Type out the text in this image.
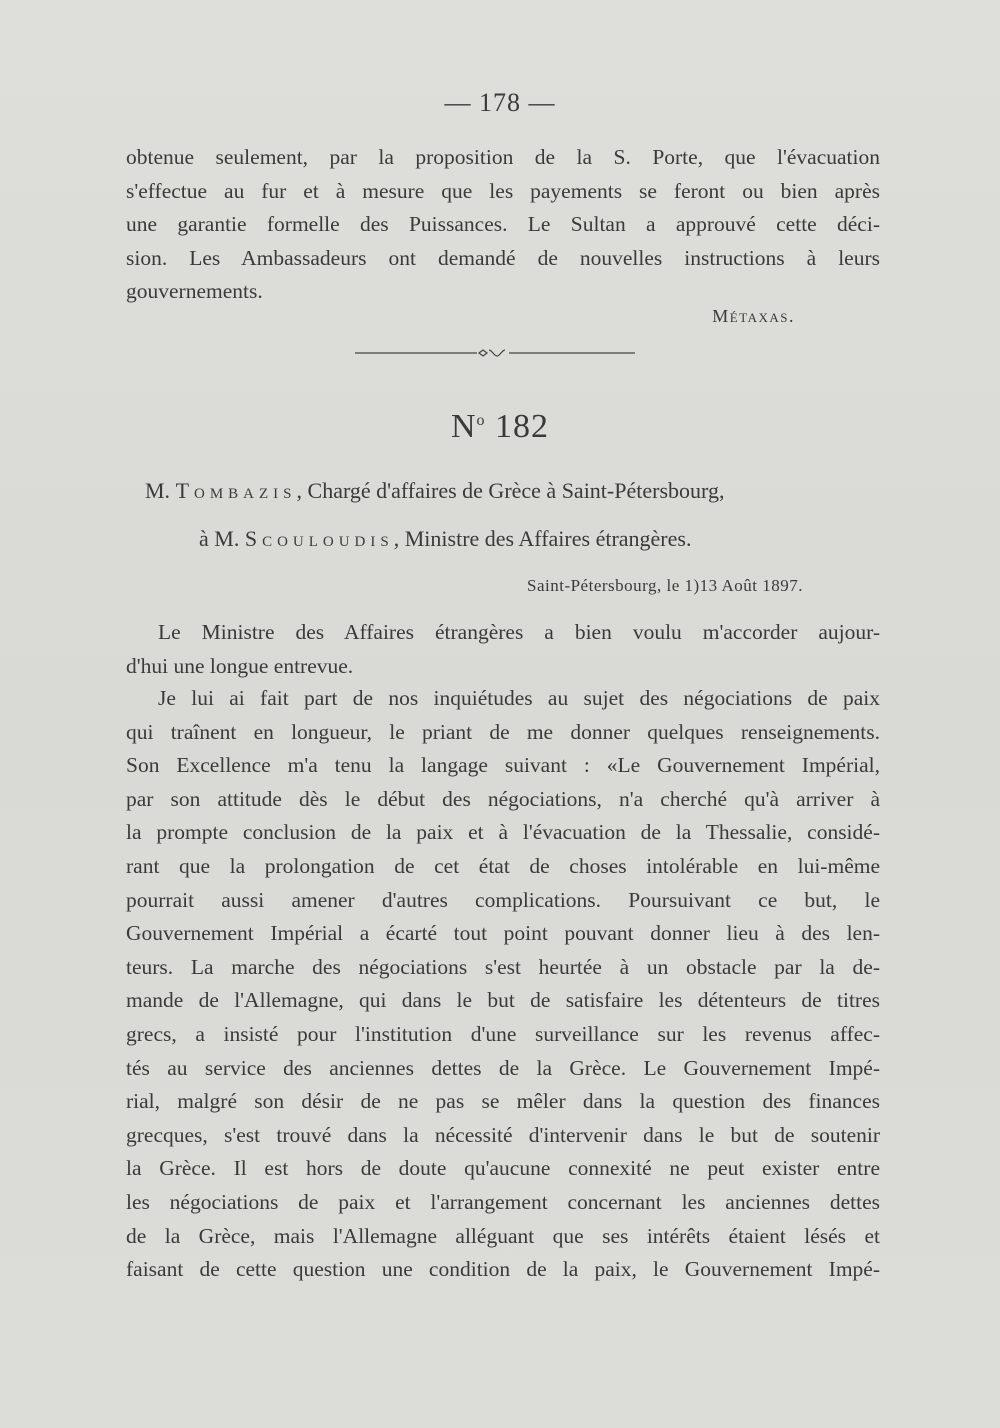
— 178 —
obtenue seulement, par la proposition de la S. Porte, que l'évacuation
s'effectue au fur et à mesure que les payements se feront ou bien après
une garantie formelle des Puissances. Le Sultan a approuvé cette déci-
sion. Les Ambassadeurs ont demandé de nouvelles instructions à leurs
gouvernements.
Métaxas.
$N^o$ 182
M. Tombazis, Chargé d'affaires de Grèce à Saint-Pétersbourg,
à M. Scouloudis, Ministre des Affaires étrangères.
Saint-Pétersbourg, le 1)13 Août 1897.
Le Ministre des Affaires étrangères a bien voulu m'accorder aujour-
d'hui une longue entrevue.
Je lui ai fait part de nos inquiétudes au sujet des négociations de paix
qui traînent en longueur, le priant de me donner quelques renseignements.
Son Excellence m'a tenu la langage suivant : «Le Gouvernement Impérial,
par son attitude dès le début des négociations, n'a cherché qu'à arriver à
la prompte conclusion de la paix et à l'évacuation de la Thessalie, considé-
rant que la prolongation de cet état de choses intolérable en lui-même
pourrait aussi amener d'autres complications. Poursuivant ce but, le
Gouvernement Impérial a écarté tout point pouvant donner lieu à des len-
teurs. La marche des négociations s'est heurtée à un obstacle par la de-
mande de l'Allemagne, qui dans le but de satisfaire les détenteurs de titres
grecs, a insisté pour l'institution d'une surveillance sur les revenus affec-
tés au service des anciennes dettes de la Grèce. Le Gouvernement Impé-
rial, malgré son désir de ne pas se mêler dans la question des finances
grecques, s'est trouvé dans la nécessité d'intervenir dans le but de soutenir
la Grèce. Il est hors de doute qu'aucune connexité ne peut exister entre
les négociations de paix et l'arrangement concernant les anciennes dettes
de la Grèce, mais l'Allemagne alléguant que ses intérêts étaient lésés et
faisant de cette question une condition de la paix, le Gouvernement Impé-
